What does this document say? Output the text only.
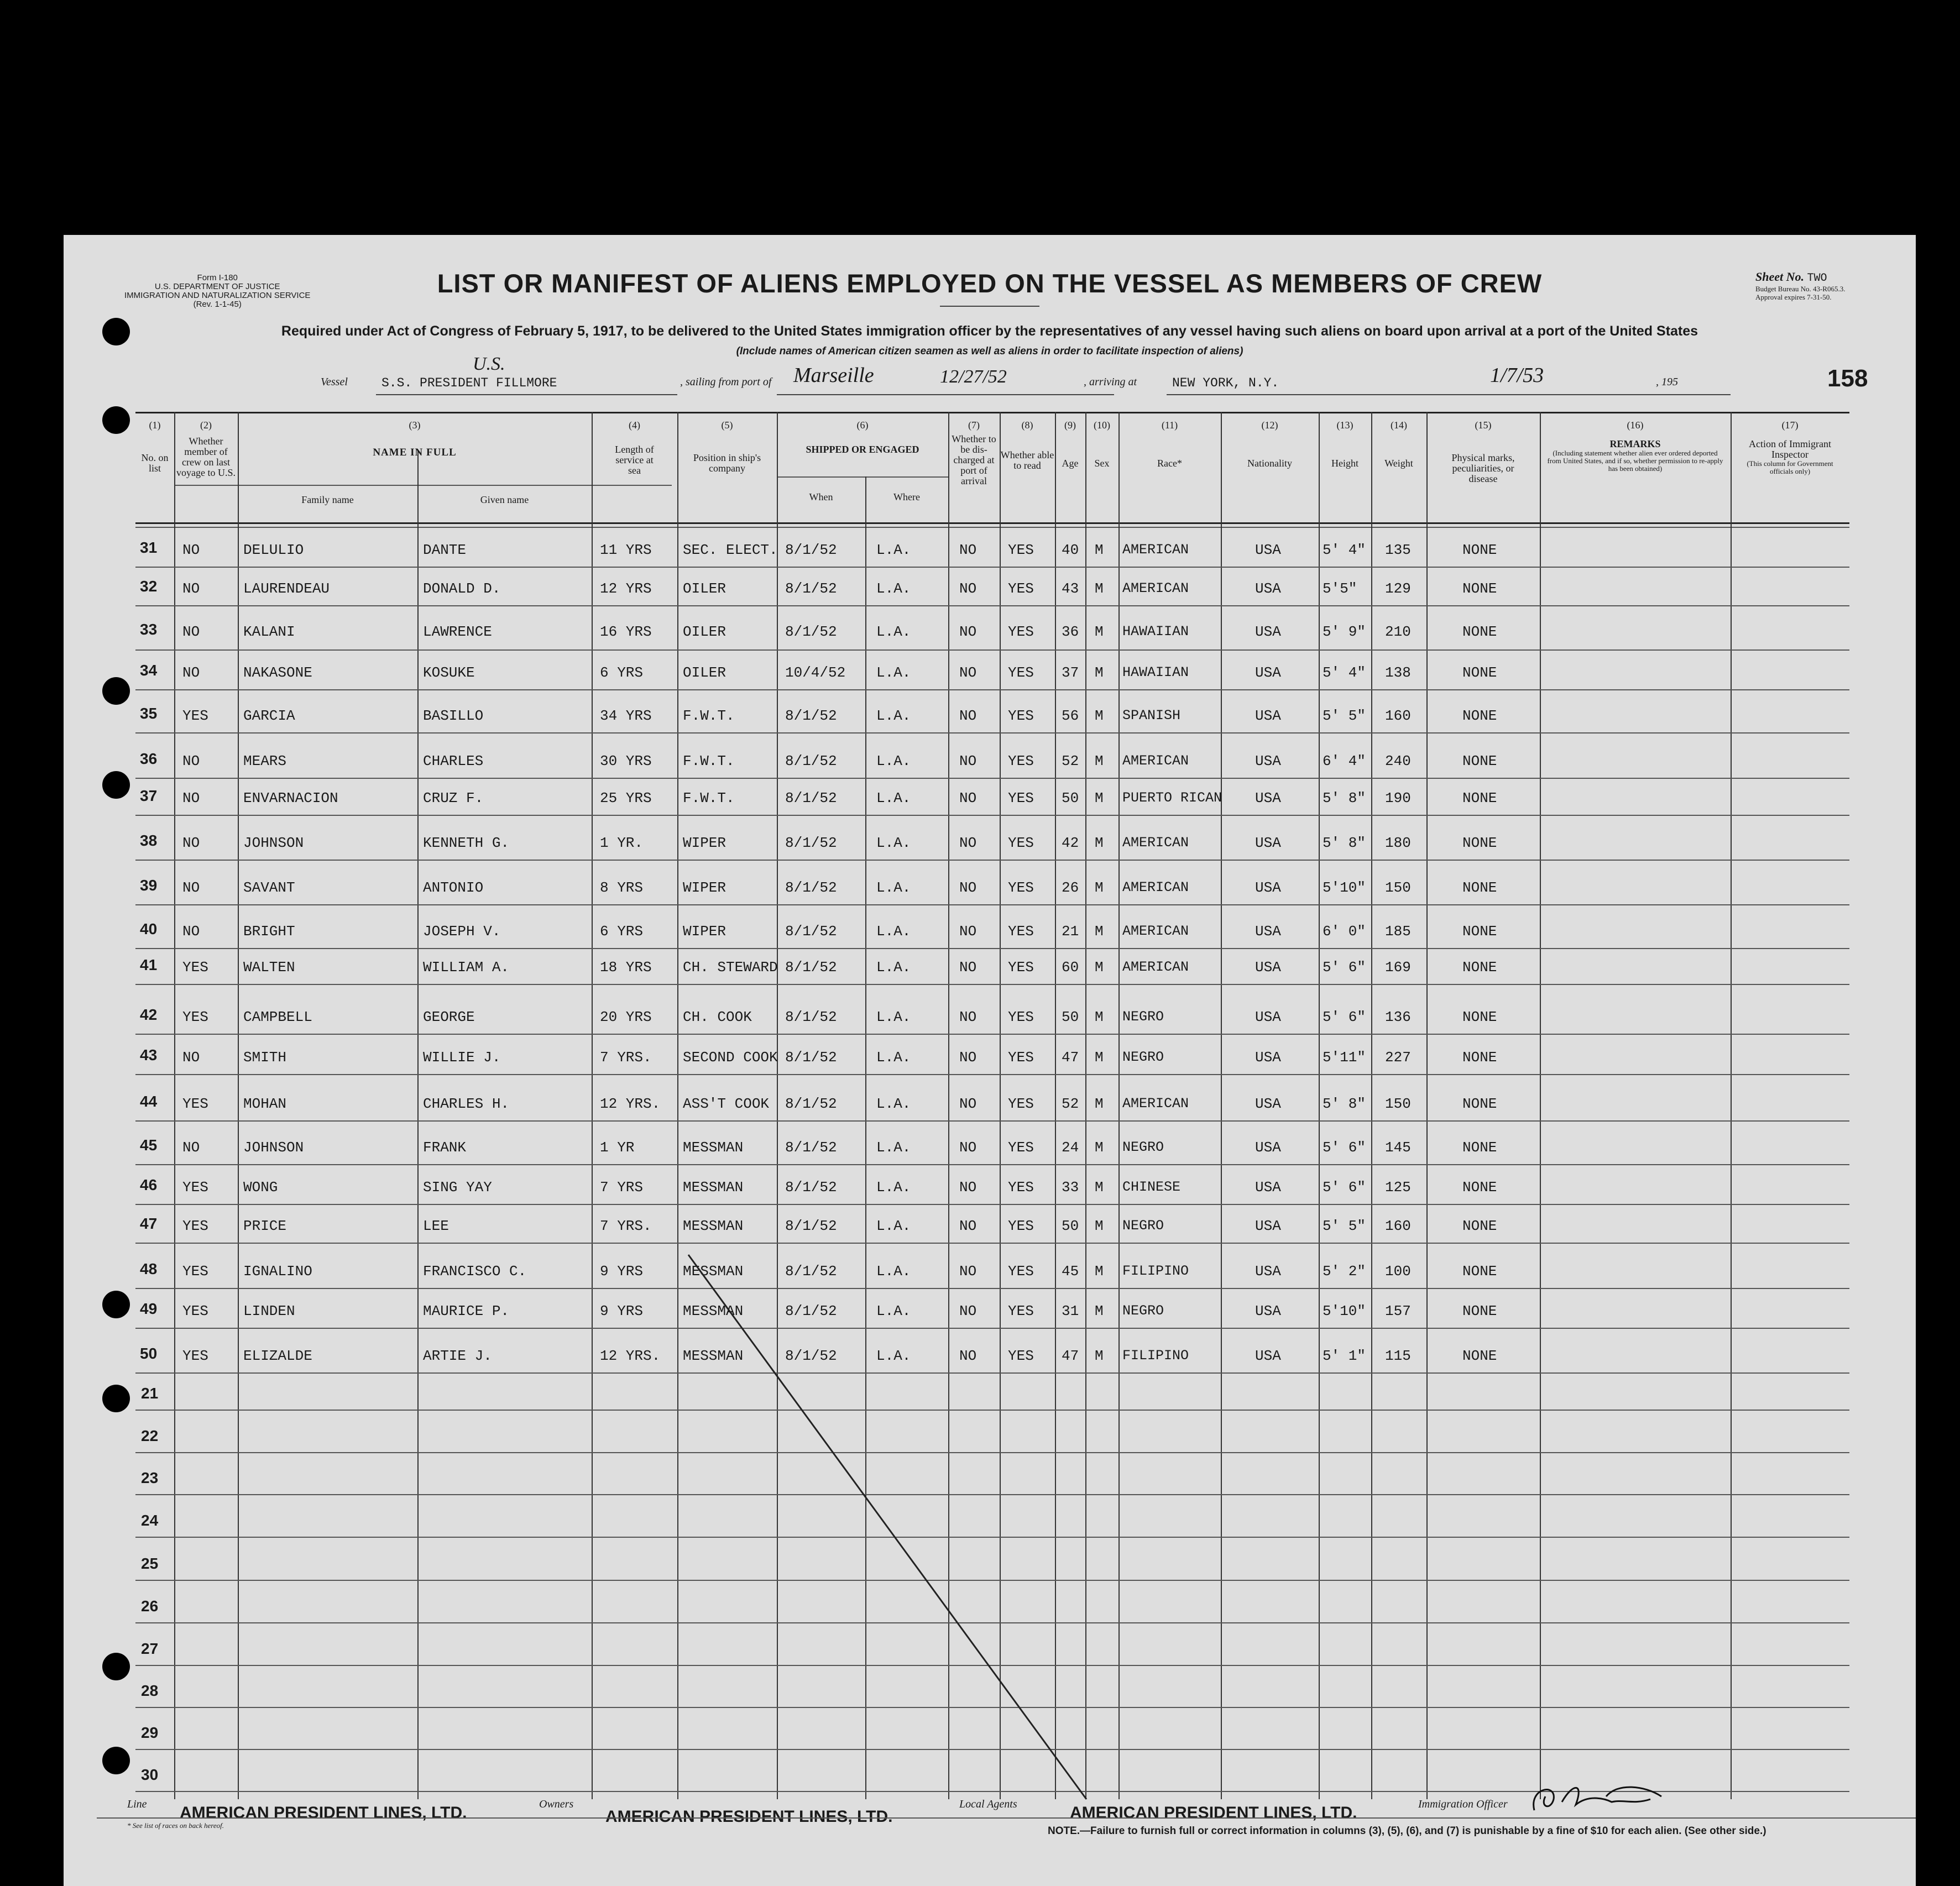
Form I-180
U.S. DEPARTMENT OF JUSTICE
IMMIGRATION AND NATURALIZATION SERVICE
(Rev. 1-1-45)
LIST OR MANIFEST OF ALIENS EMPLOYED ON THE VESSEL AS MEMBERS OF CREW	Sheet No. TWO
Budget Bureau No. 43-R065.3.
Approval expires 7-31-50.
Required under Act of Congress of February 5, 1917, to be delivered to the United States immigration officer by the representatives of any vessel having such aliens on board upon arrival at a port of the United States
(Include names of American citizen seamen as well as aliens in order to facilitate inspection of aliens)
Vessel
U.S.
S.S. PRESIDENT FILLMORE	, sailing from port of Marseille	12/27/52	, arriving at	NEW YORK, N.Y.	1/7/53	, 195	158
(1)
No. on list
(2)
Whether member of crew on last voyage to U.S.
(3)
NAME IN FULL
Family name	Given name
(4)
Length of service at sea
(5)
Position in ship's company
(6)
SHIPPED OR ENGAGED
When	Where
(7)
Whether to be dis-charged at port of arrival
(8)
Whether able to read
(9)
Age
(10)
Sex
(11)
Race*
(12)
Nationality
(13)
Height
(14)
Weight
(15)
Physical marks, peculiarities, or disease
(16)
REMARKS
(Including statement whether alien ever ordered deported from United States, and if so, whether permission to re-apply has been obtained)
(17)
Action of Immigrant Inspector
(This column for Government officials only)
31 NO	DELULIO	DANTE	11 YRS SEC. ELECT. 8/1/52	L.A.	NO YES 40 M AMERICAN	USA	5' 4" 135	NONE
32 NO	LAURENDEAU	DONALD D.	12 YRS OILER	8/1/52	L.A.	NO YES 43 M AMERICAN	USA	5'5" 129	NONE
33 NO	KALANI	LAWRENCE	16 YRS OILER	8/1/52	L.A.	NO YES 36 M HAWAIIAN	USA	5' 9" 210	NONE
34 NO	NAKASONE	KOSUKE	6 YRS	OILER	10/4/52 L.A.	NO YES 37 M HAWAIIAN	USA	5' 4" 138	NONE
35 YES GARCIA	BASILLO	34 YRS F.W.T.	8/1/52	L.A.	NO YES 56 M SPANISH	USA	5' 5" 160	NONE
36 NO	MEARS	CHARLES	30 YRS F.W.T.	8/1/52	L.A.	NO YES 52 M AMERICAN	USA	6' 4" 240	NONE
37 NO	ENVARNACION	CRUZ F.	25 YRS F.W.T.	8/1/52	L.A.	NO YES 50 M PUERTO RICAN USA	5' 8" 190	NONE
38 NO	JOHNSON	KENNETH G.	1 YR.	WIPER	8/1/52	L.A.	NO YES 42 M AMERICAN	USA	5' 8" 180	NONE
39 NO	SAVANT	ANTONIO	8 YRS	WIPER	8/1/52	L.A.	NO YES 26 M AMERICAN	USA	5'10" 150	NONE
40 NO	BRIGHT	JOSEPH V.	6 YRS	WIPER	8/1/52	L.A.	NO YES 21 M AMERICAN	USA	6' 0" 185	NONE
41 YES WALTEN	WILLIAM A.	18 YRS CH. STEWARD 8/1/52	L.A.	NO YES 60 M AMERICAN	USA	5' 6" 169	NONE
42 YES CAMPBELL	GEORGE	20 YRS CH. COOK 8/1/52	L.A.	NO YES 50 M NEGRO	USA	5' 6" 136	NONE
43 NO	SMITH	WILLIE J.	7 YRS. SECOND COOK 8/1/52	L.A.	NO YES 47 M NEGRO	USA	5'11" 227	NONE
44 YES MOHAN	CHARLES H.	12 YRS. ASS'T COOK 8/1/52	L.A.	NO YES 52 M AMERICAN	USA	5' 8" 150	NONE
45 NO	JOHNSON	FRANK	1 YR	MESSMAN	8/1/52	L.A.	NO YES 24 M NEGRO	USA	5' 6" 145	NONE
46 YES WONG	SING YAY	7 YRS	MESSMAN	8/1/52	L.A.	NO YES 33 M CHINESE	USA	5' 6" 125	NONE
47 YES PRICE	LEE	7 YRS. MESSMAN	8/1/52	L.A.	NO YES 50 M NEGRO	USA	5' 5" 160	NONE
48 YES IGNALINO	FRANCISCO C.	9 YRS	MESSMAN	8/1/52	L.A.	NO YES 45 M FILIPINO	USA	5' 2" 100	NONE
49 YES LINDEN	MAURICE P.	9 YRS	MESSMAN	8/1/52	L.A.	NO YES 31 M NEGRO	USA	5'10" 157	NONE
50 YES ELIZALDE	ARTIE J.	12 YRS. MESSMAN	8/1/52	L.A.	NO YES 47 M FILIPINO	USA	5' 1" 115	NONE
21
22
23
24
25
26
27
28
29
30
Line AMERICAN PRESIDENT LINES, LTD.	Owners
AMERICAN PRESIDENT LINES, LTD.
Local Agents	AMERICAN PRESIDENT LINES, LTD.	Immigration Officer
* See list of races on back hereof.	NOTE.—Failure to furnish full or correct information in columns (3), (5), (6), and (7) is punishable by a fine of $10 for each alien. (See other side.)
